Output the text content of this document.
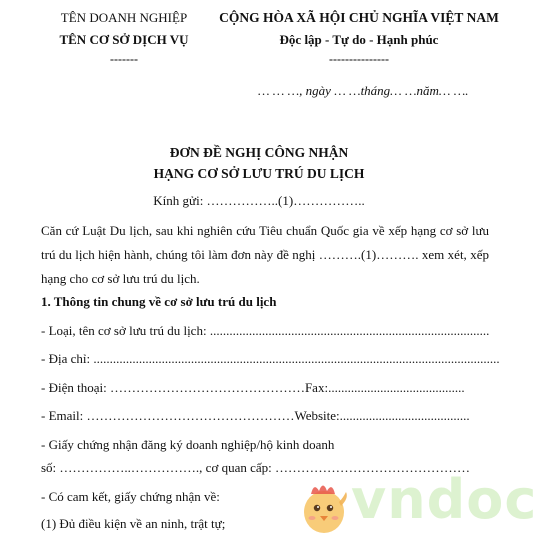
TÊN DOANH NGHIỆP
TÊN CƠ SỞ DỊCH VỤ
-------
CỘNG HÒA XÃ HỘI CHỦ NGHĨA VIỆT NAM
Độc lập - Tự do - Hạnh phúc
---------------
… … …, ngày … …tháng… …năm… ….
ĐƠN ĐỀ NGHỊ CÔNG NHẬN
HẠNG CƠ SỞ LƯU TRÚ DU LỊCH
Kính gửi: ……………..(1)……………..
Căn cứ Luật Du lịch, sau khi nghiên cứu Tiêu chuẩn Quốc gia về xếp hạng cơ sở lưu trú du lịch hiện hành, chúng tôi làm đơn này đề nghị ……….(1)………. xem xét, xếp hạng cho cơ sở lưu trú du lịch.
1. Thông tin chung về cơ sở lưu trú du lịch
- Loại, tên cơ sở lưu trú du lịch: ......................................................................................
- Địa chỉ: .............................................................................................................................
- Điện thoại: ………………………………………Fax:..........................................
- Email: …………………………………………Website:........................................
- Giấy chứng nhận đăng ký doanh nghiệp/hộ kinh doanh
số: ……………..……………., cơ quan cấp: ………………………………………
- Có cam kết, giấy chứng nhận về:
(1) Đủ điều kiện về an ninh, trật tự; vndoc
